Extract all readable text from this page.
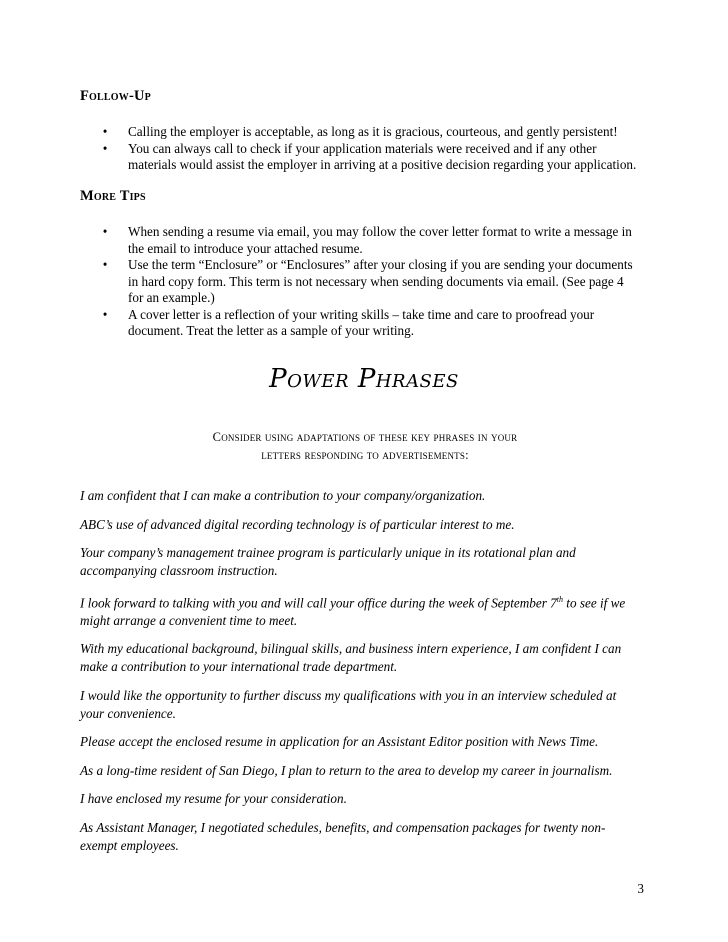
Follow-Up
•	Calling the employer is acceptable, as long as it is gracious, courteous, and gently persistent!
•	You can always call to check if your application materials were received and if any other materials would assist the employer in arriving at a positive decision regarding your application.
More Tips
•	When sending a resume via email, you may follow the cover letter format to write a message in the email to introduce your attached resume.
•	Use the term “Enclosure” or “Enclosures” after your closing if you are sending your documents in hard copy form. This term is not necessary when sending documents via email. (See page 4 for an example.)
•	A cover letter is a reflection of your writing skills – take time and care to proofread your document. Treat the letter as a sample of your writing.
Power Phrases
Consider using adaptations of these key phrases in your
letters responding to advertisements:
I am confident that I can make a contribution to your company/organization.
ABC’s use of advanced digital recording technology is of particular interest to me.
Your company’s management trainee program is particularly unique in its rotational plan and accompanying classroom instruction.
I look forward to talking with you and will call your office during the week of September 7th to see if we might arrange a convenient time to meet.
With my educational background, bilingual skills, and business intern experience, I am confident I can make a contribution to your international trade department.
I would like the opportunity to further discuss my qualifications with you in an interview scheduled at your convenience.
Please accept the enclosed resume in application for an Assistant Editor position with News Time.
As a long-time resident of San Diego, I plan to return to the area to develop my career in journalism.
I have enclosed my resume for your consideration.
As Assistant Manager, I negotiated schedules, benefits, and compensation packages for twenty non-exempt employees.
3
